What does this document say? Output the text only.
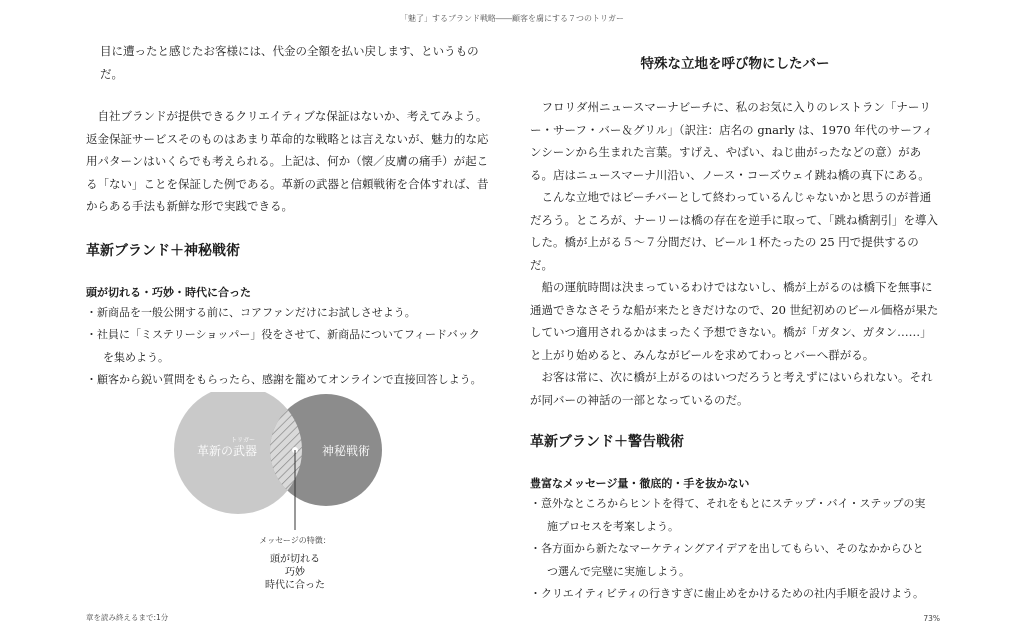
「魅了」するブランド戦略――顧客を虜にする７つのトリガー

目に遭ったと感じたお客様には、代金の全額を払い戻します、というものだ。

自社ブランドが提供できるクリエイティブな保証はないか、考えてみよう。返金保証サービスそのものはあまり革命的な戦略とは言えないが、魅力的な応用パターンはいくらでも考えられる。上記は、何か（懐／皮膚の痛手）が起こる「ない」ことを保証した例である。革新の武器と信頼戦術を合体すれば、昔からある手法も新鮮な形で実践できる。

革新ブランド＋神秘戦術
頭が切れる・巧妙・時代に合った
・新商品を一般公開する前に、コアファンだけにお試しさせよう。
・社員に「ミステリーショッパー」役をさせて、新商品についてフィードバック
を集めよう。
・顧客から鋭い質問をもらったら、感謝を籠めてオンラインで直接回答しよう。
トリガー
革新の武器	神秘戦術
メッセージの特徴：
頭が切れる
巧妙
時代に合った
特殊な立地を呼び物にしたバー

フロリダ州ニュースマーナビーチに、私のお気に入りのレストラン「ナーリー・サーフ・バー＆グリル」（訳注：店名の gnarly は、1970 年代のサーフィンシーンから生まれた言葉。すげえ、やばい、ねじ曲がったなどの意）がある。店はニュースマーナ川沿い、ノース・コーズウェイ跳ね橋の真下にある。

こんな立地ではビーチバーとして終わっているんじゃないかと思うのが普通だろう。ところが、ナーリーは橋の存在を逆手に取って、「跳ね橋割引」を導入した。橋が上がる５～７分間だけ、ビール１杯たったの 25 円で提供するのだ。

船の運航時間は決まっているわけではないし、橋が上がるのは橋下を無事に通過できなさそうな船が来たときだけなので、20 世紀初めのビール価格が果たしていつ適用されるかはまったく予想できない。橋が「ガタン、ガタン……」と上がり始めると、みんながビールを求めてわっとバーへ群がる。

お客は常に、次に橋が上がるのはいつだろうと考えずにはいられない。それが同バーの神話の一部となっているのだ。

革新ブランド＋警告戦術
豊富なメッセージ量・徹底的・手を抜かない
・意外なところからヒントを得て、それをもとにステップ・バイ・ステップの実
施プロセスを考案しよう。
・各方面から新たなマーケティングアイデアを出してもらい、そのなかからひと
つ選んで完璧に実施しよう。
・クリエイティビティの行きすぎに歯止めをかけるための社内手順を設けよう。
章を読み終えるまで:1分	73%
